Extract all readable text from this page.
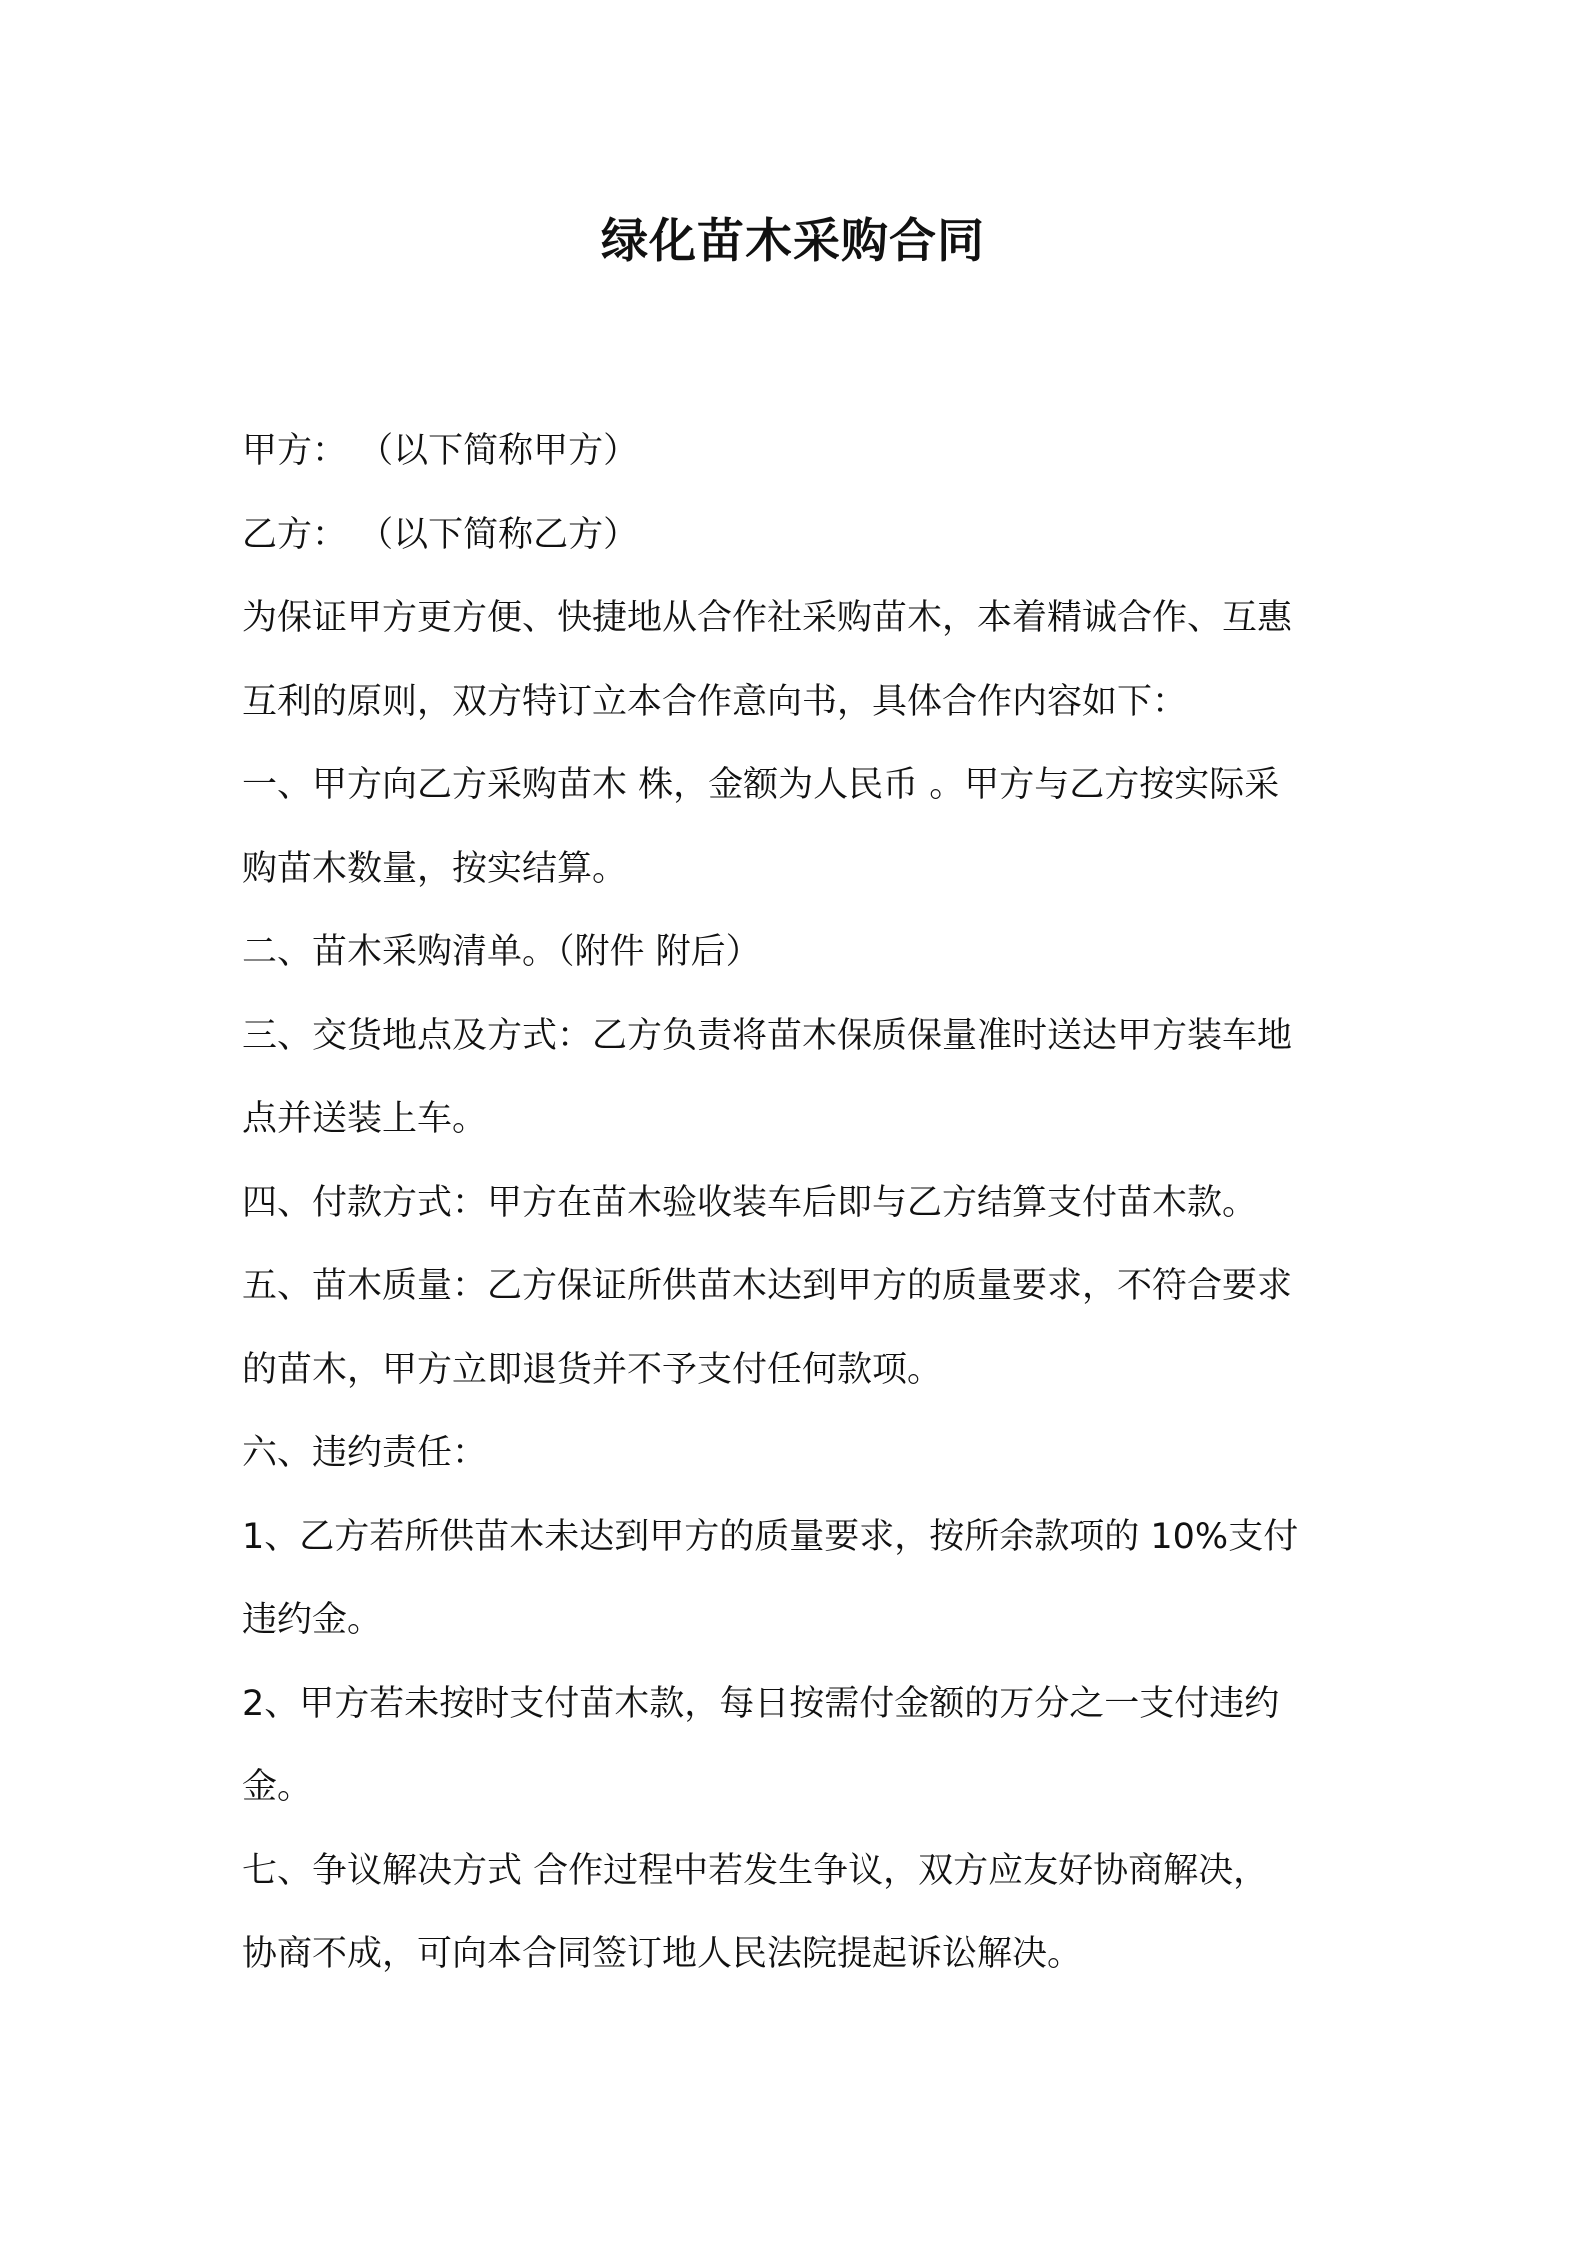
绿化苗木采购合同
甲方： （以下简称甲方）
乙方： （以下简称乙方）
为保证甲方更方便、快捷地从合作社采购苗木，本着精诚合作、互惠
互利的原则，双方特订立本合作意向书，具体合作内容如下：
一、甲方向乙方采购苗木 株，金额为人民币 。甲方与乙方按实际采
购苗木数量，按实结算。
二、苗木采购清单。（附件 附后）
三、交货地点及方式：乙方负责将苗木保质保量准时送达甲方装车地
点并送装上车。
四、付款方式：甲方在苗木验收装车后即与乙方结算支付苗木款。
五、苗木质量：乙方保证所供苗木达到甲方的质量要求，不符合要求
的苗木，甲方立即退货并不予支付任何款项。
六、违约责任：
1、乙方若所供苗木未达到甲方的质量要求，按所余款项的 10%支付
违约金。
2、甲方若未按时支付苗木款，每日按需付金额的万分之一支付违约
金。
七、争议解决方式 合作过程中若发生争议，双方应友好协商解决，
协商不成，可向本合同签订地人民法院提起诉讼解决。
